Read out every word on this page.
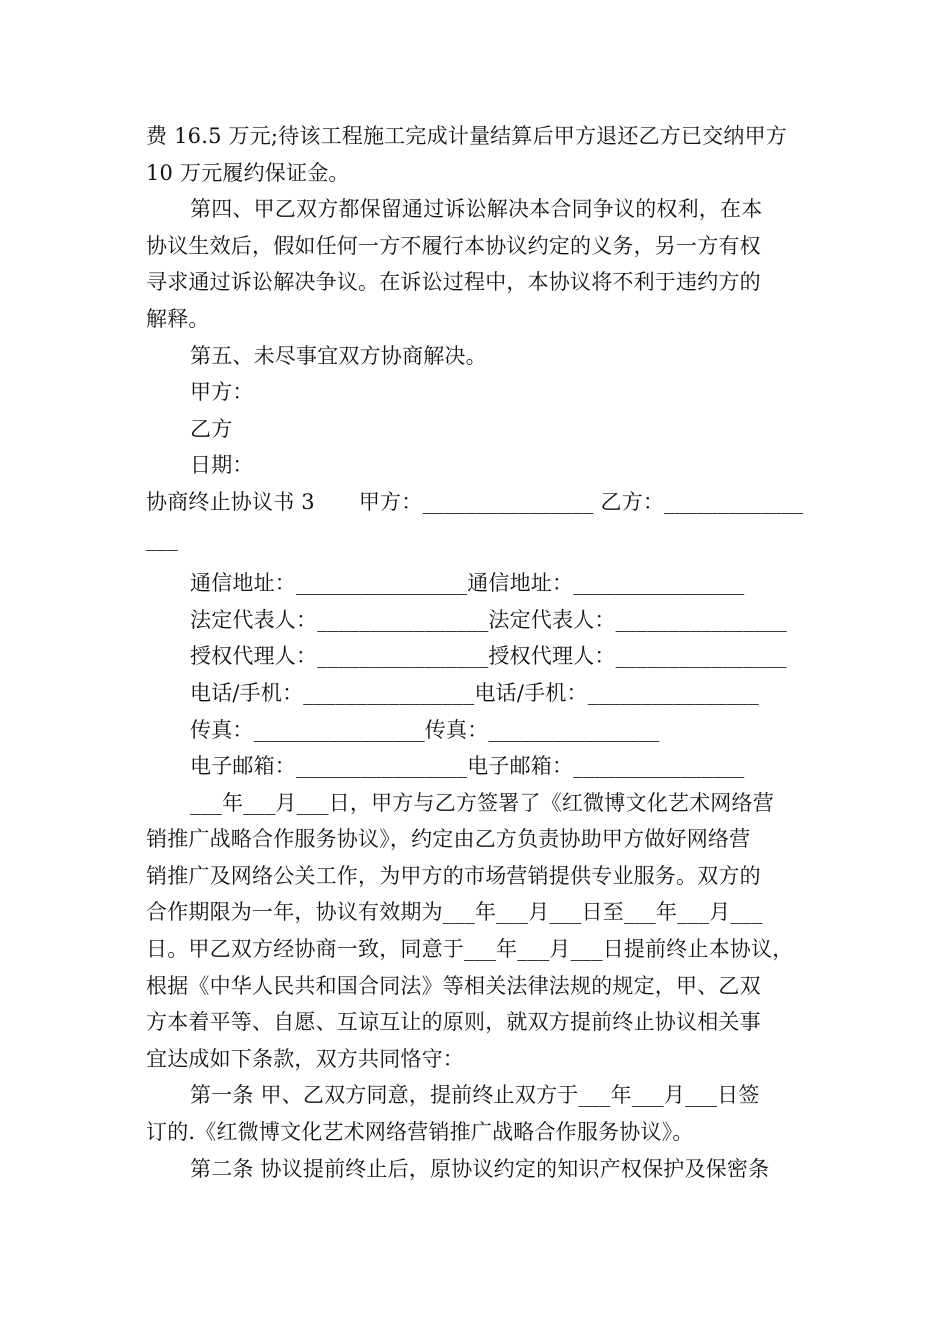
费 16.5 万元;待该工程施工完成计量结算后甲方退还乙方已交纳甲方
10 万元履约保证金。
第四、甲乙双方都保留通过诉讼解决本合同争议的权利，在本
协议生效后，假如任何一方不履行本协议约定的义务，另一方有权
寻求通过诉讼解决争议。在诉讼过程中，本协议将不利于违约方的
解释。
第五、未尽事宜双方协商解决。
甲方：
乙方
日期：
协商终止协议书 3 甲方：________________ 乙方：_____________
___
通信地址：________________通信地址：________________
法定代表人：________________法定代表人：________________
授权代理人：________________授权代理人：________________
电话/手机：________________电话/手机：________________
传真：________________传真：________________
电子邮箱：________________电子邮箱：________________
___年___月___日，甲方与乙方签署了《红微博文化艺术网络营
销推广战略合作服务协议》，约定由乙方负责协助甲方做好网络营
销推广及网络公关工作，为甲方的市场营销提供专业服务。双方的
合作期限为一年，协议有效期为___年___月___日至___年___月___
日。甲乙双方经协商一致，同意于___年___月___日提前终止本协议，
根据《中华人民共和国合同法》等相关法律法规的规定，甲、乙双
方本着平等、自愿、互谅互让的原则，就双方提前终止协议相关事
宜达成如下条款，双方共同恪守：
第一条 甲、乙双方同意，提前终止双方于___年___月___日签
订的.《红微博文化艺术网络营销推广战略合作服务协议》。
第二条 协议提前终止后，原协议约定的知识产权保护及保密条
